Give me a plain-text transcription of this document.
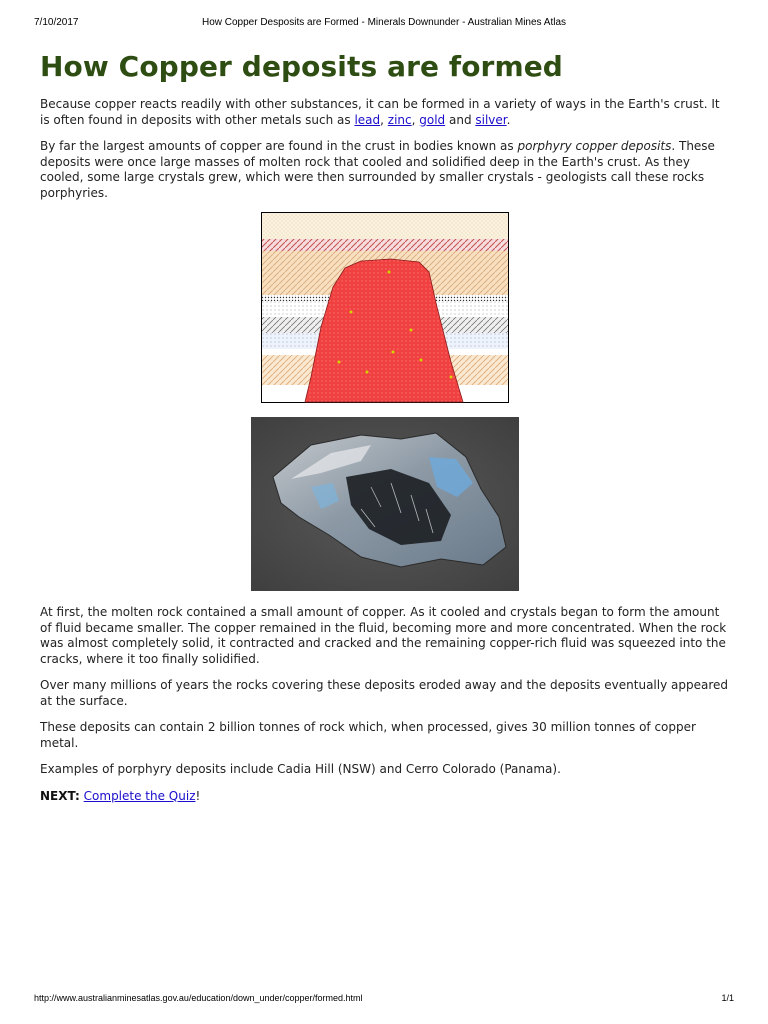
7/10/2017	How Copper Desposits are Formed - Minerals Downunder - Australian Mines Atlas
How Copper deposits are formed

Because copper reacts readily with other substances, it can be formed in a variety of ways in the Earth's crust. It is often found in deposits with other metals such as lead, zinc, gold and silver.

By far the largest amounts of copper are found in the crust in bodies known as porphyry copper deposits. These deposits were once large masses of molten rock that cooled and solidified deep in the Earth's crust. As they cooled, some large crystals grew, which were then surrounded by smaller crystals - geologists call these rocks porphyries.

At first, the molten rock contained a small amount of copper. As it cooled and crystals began to form the amount of fluid became smaller. The copper remained in the fluid, becoming more and more concentrated. When the rock was almost completely solid, it contracted and cracked and the remaining copper-rich fluid was squeezed into the cracks, where it too finally solidified.

Over many millions of years the rocks covering these deposits eroded away and the deposits eventually appeared at the surface.

These deposits can contain 2 billion tonnes of rock which, when processed, gives 30 million tonnes of copper metal.

Examples of porphyry deposits include Cadia Hill (NSW) and Cerro Colorado (Panama).

NEXT: Complete the Quiz!

http://www.australianminesatlas.gov.au/education/down_under/copper/formed.html	1/1
